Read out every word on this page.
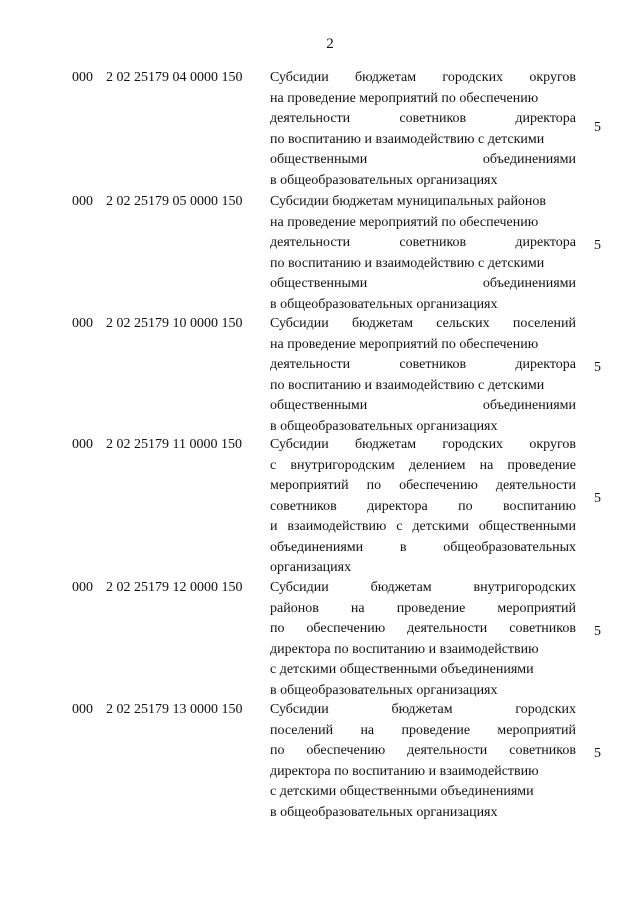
2
000 2 02 25179 04 0000 150 Субсидии бюджетам городских округов
на проведение мероприятий по обеспечению
деятельности советников директора
по воспитанию и взаимодействию с детскими
общественными объединениями
в общеобразовательных организациях
5
000 2 02 25179 05 0000 150 Субсидии бюджетам муниципальных районов
на проведение мероприятий по обеспечению
деятельности советников директора
по воспитанию и взаимодействию с детскими
общественными объединениями
в общеобразовательных организациях
5
000 2 02 25179 10 0000 150 Субсидии бюджетам сельских поселений
на проведение мероприятий по обеспечению
деятельности советников директора
по воспитанию и взаимодействию с детскими
общественными объединениями
в общеобразовательных организациях
5
000 2 02 25179 11 0000 150 Субсидии бюджетам городских округов
с внутригородским делением на проведение
мероприятий по обеспечению деятельности
советников директора по воспитанию
и взаимодействию с детскими общественными
объединениями в общеобразовательных
организациях
5
000 2 02 25179 12 0000 150 Субсидии бюджетам внутригородских
районов на проведение мероприятий
по обеспечению деятельности советников
директора по воспитанию и взаимодействию
с детскими общественными объединениями
в общеобразовательных организациях
5
000 2 02 25179 13 0000 150 Субсидии бюджетам городских
поселений на проведение мероприятий
по обеспечению деятельности советников
директора по воспитанию и взаимодействию
с детскими общественными объединениями
в общеобразовательных организациях
5
